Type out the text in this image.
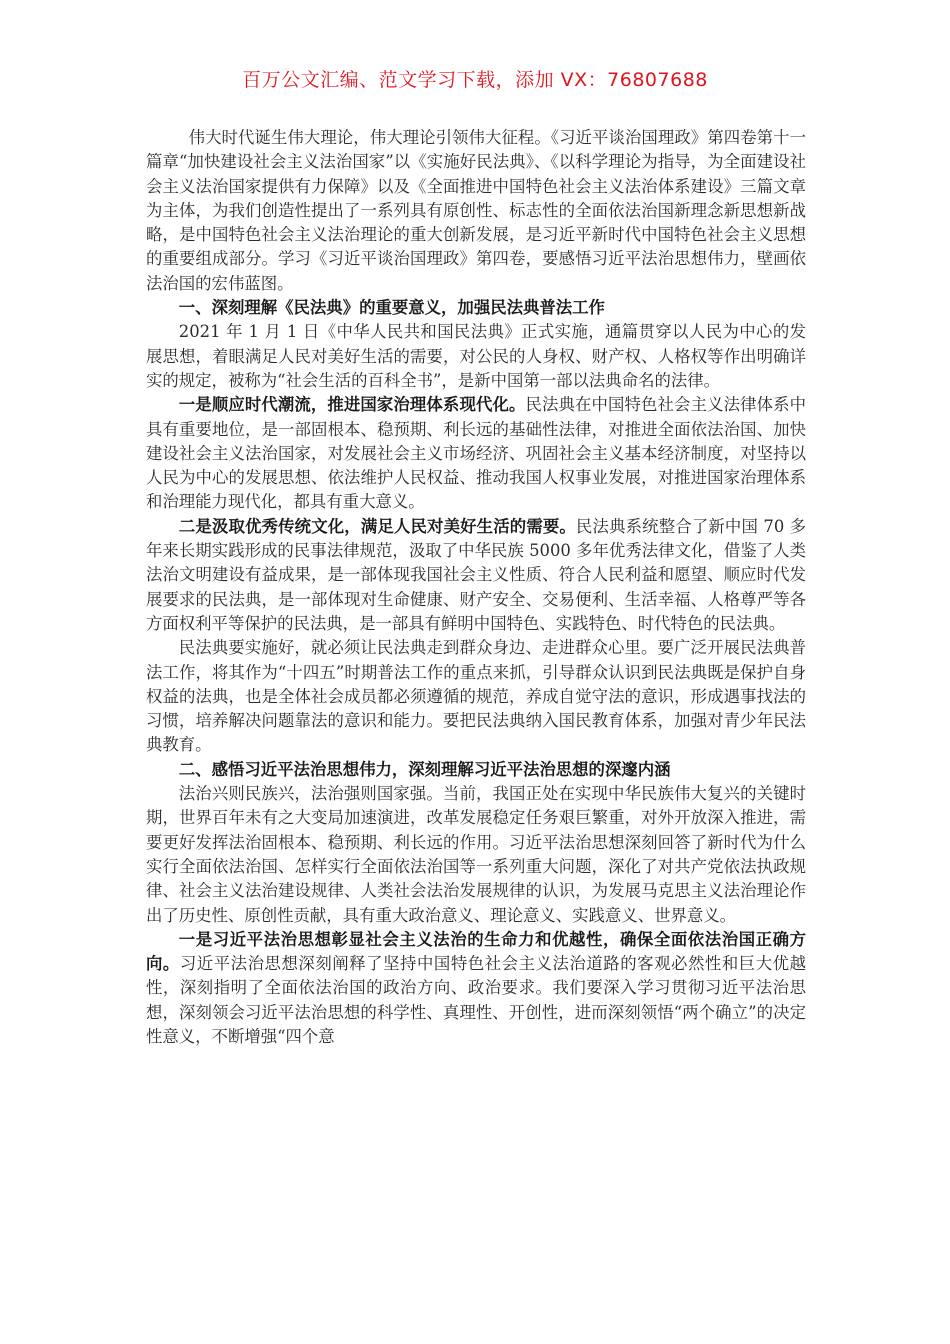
百万公文汇编、范文学习下载，添加 VX：76807688

伟大时代诞生伟大理论，伟大理论引领伟大征程。《习近平谈治国理政》第四卷第十一篇章“加快建设社会主义法治国家”以《实施好民法典》、《以科学理论为指导，为全面建设社会主义法治国家提供有力保障》以及《全面推进中国特色社会主义法治体系建设》三篇文章为主体，为我们创造性提出了一系列具有原创性、标志性的全面依法治国新理念新思想新战略，是中国特色社会主义法治理论的重大创新发展，是习近平新时代中国特色社会主义思想的重要组成部分。学习《习近平谈治国理政》第四卷，要感悟习近平法治思想伟力，壁画依法治国的宏伟蓝图。

一、深刻理解《民法典》的重要意义，加强民法典普法工作

2021 年 1 月 1 日《中华人民共和国民法典》正式实施，通篇贯穿以人民为中心的发展思想，着眼满足人民对美好生活的需要，对公民的人身权、财产权、人格权等作出明确详实的规定，被称为“社会生活的百科全书”，是新中国第一部以法典命名的法律。

一是顺应时代潮流，推进国家治理体系现代化。民法典在中国特色社会主义法律体系中具有重要地位，是一部固根本、稳预期、利长远的基础性法律，对推进全面依法治国、加快建设社会主义法治国家，对发展社会主义市场经济、巩固社会主义基本经济制度，对坚持以人民为中心的发展思想、依法维护人民权益、推动我国人权事业发展，对推进国家治理体系和治理能力现代化，都具有重大意义。

二是汲取优秀传统文化，满足人民对美好生活的需要。民法典系统整合了新中国 70 多年来长期实践形成的民事法律规范，汲取了中华民族 5000 多年优秀法律文化，借鉴了人类法治文明建设有益成果，是一部体现我国社会主义性质、符合人民利益和愿望、顺应时代发展要求的民法典，是一部体现对生命健康、财产安全、交易便利、生活幸福、人格尊严等各方面权利平等保护的民法典，是一部具有鲜明中国特色、实践特色、时代特色的民法典。

民法典要实施好，就必须让民法典走到群众身边、走进群众心里。要广泛开展民法典普法工作，将其作为“十四五”时期普法工作的重点来抓，引导群众认识到民法典既是保护自身权益的法典，也是全体社会成员都必须遵循的规范，养成自觉守法的意识，形成遇事找法的习惯，培养解决问题靠法的意识和能力。要把民法典纳入国民教育体系，加强对青少年民法典教育。

二、感悟习近平法治思想伟力，深刻理解习近平法治思想的深邃内涵

法治兴则民族兴，法治强则国家强。当前，我国正处在实现中华民族伟大复兴的关键时期，世界百年未有之大变局加速演进，改革发展稳定任务艰巨繁重，对外开放深入推进，需要更好发挥法治固根本、稳预期、利长远的作用。习近平法治思想深刻回答了新时代为什么实行全面依法治国、怎样实行全面依法治国等一系列重大问题，深化了对共产党依法执政规律、社会主义法治建设规律、人类社会法治发展规律的认识，为发展马克思主义法治理论作出了历史性、原创性贡献，具有重大政治意义、理论意义、实践意义、世界意义。

一是习近平法治思想彰显社会主义法治的生命力和优越性，确保全面依法治国正确方向。习近平法治思想深刻阐释了坚持中国特色社会主义法治道路的客观必然性和巨大优越性，深刻指明了全面依法治国的政治方向、政治要求。我们要深入学习贯彻习近平法治思想，深刻领会习近平法治思想的科学性、真理性、开创性，进而深刻领悟“两个确立”的决定性意义，不断增强“四个意
